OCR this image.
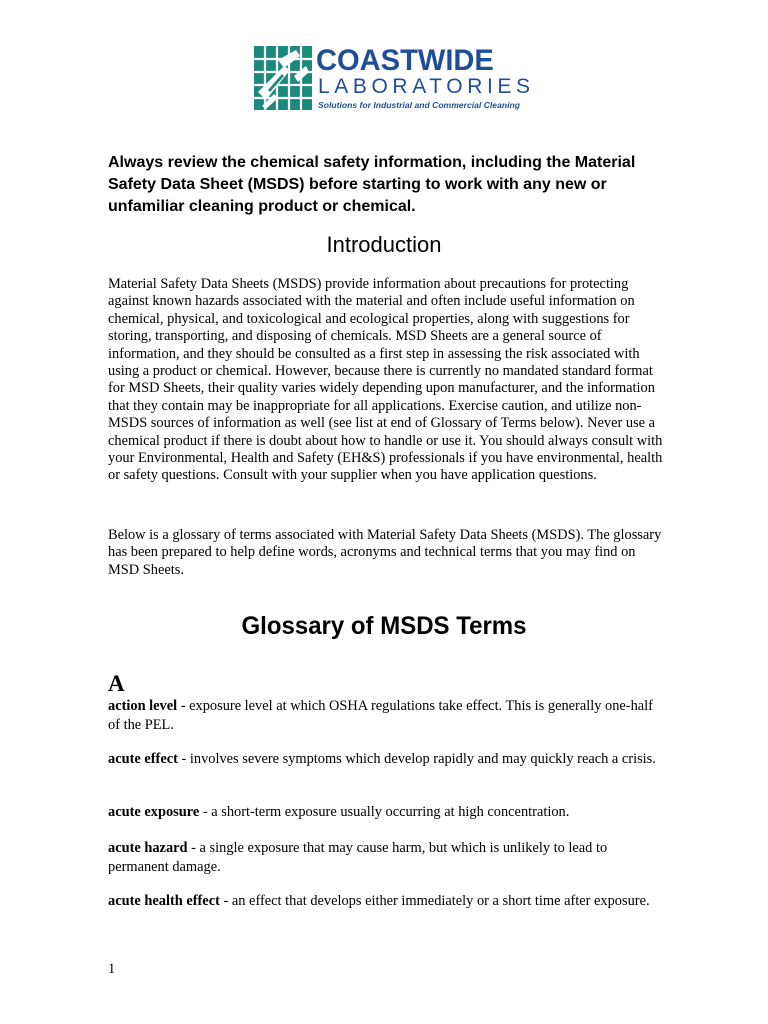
COASTWIDE
LABORATORIES
Solutions for Industrial and Commercial Cleaning

Always review the chemical safety information, including the Material Safety Data Sheet (MSDS) before starting to work with any new or unfamiliar cleaning product or chemical.

Introduction

Material Safety Data Sheets (MSDS) provide information about precautions for protecting against known hazards associated with the material and often include useful information on chemical, physical, and toxicological and ecological properties, along with suggestions for storing, transporting, and disposing of chemicals. MSD Sheets are a general source of information, and they should be consulted as a first step in assessing the risk associated with using a product or chemical. However, because there is currently no mandated standard format for MSD Sheets, their quality varies widely depending upon manufacturer, and the information that they contain may be inappropriate for all applications. Exercise caution, and utilize non-MSDS sources of information as well (see list at end of Glossary of Terms below). Never use a chemical product if there is doubt about how to handle or use it. You should always consult with your Environmental, Health and Safety (EH&S) professionals if you have environmental, health or safety questions. Consult with your supplier when you have application questions.

Below is a glossary of terms associated with Material Safety Data Sheets (MSDS). The glossary has been prepared to help define words, acronyms and technical terms that you may find on MSD Sheets.

Glossary of MSDS Terms
A

action level - exposure level at which OSHA regulations take effect. This is generally one-half of the PEL.

acute effect - involves severe symptoms which develop rapidly and may quickly reach a crisis.

acute exposure - a short-term exposure usually occurring at high concentration.

acute hazard - a single exposure that may cause harm, but which is unlikely to lead to permanent damage.

acute health effect - an effect that develops either immediately or a short time after exposure.

1
